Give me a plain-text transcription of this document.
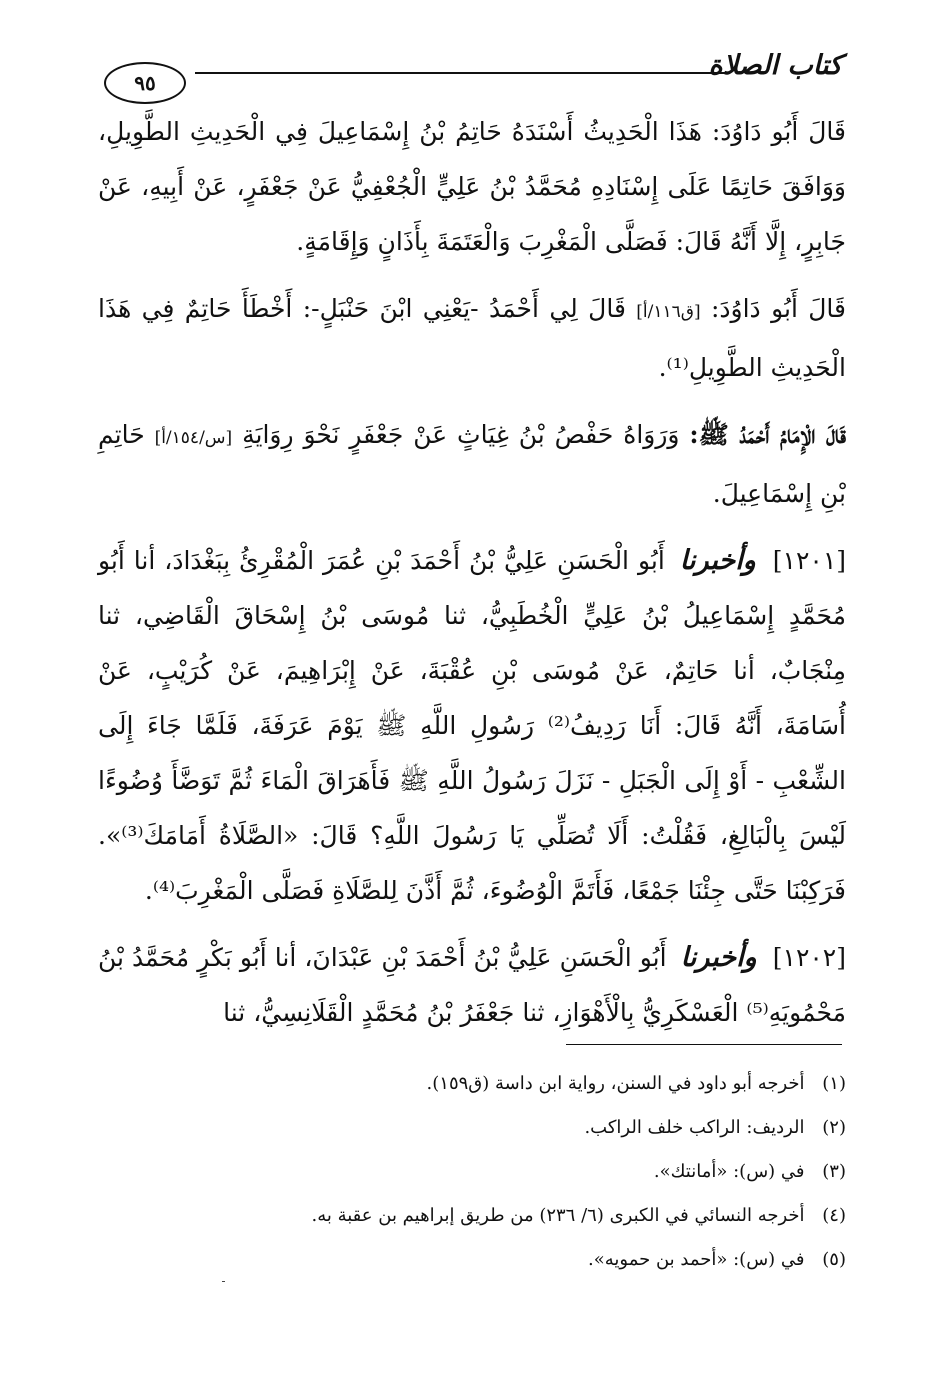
٩٥
كتاب الصلاة

قَالَ أَبُو دَاوُدَ: هَذَا الْحَدِيثُ أَسْنَدَهُ حَاتِمُ بْنُ إِسْمَاعِيلَ فِي الْحَدِيثِ الطَّوِيلِ، وَوَافَقَ حَاتِمًا عَلَى إِسْنَادِهِ مُحَمَّدُ بْنُ عَلِيٍّ الْجُعْفِيُّ عَنْ جَعْفَرٍ، عَنْ أَبِيهِ، عَنْ جَابِرٍ، إِلَّا أَنَّهُ قَالَ: فَصَلَّى الْمَغْرِبَ وَالْعَتَمَةَ بِأَذَانٍ وَإِقَامَةٍ.

قَالَ أَبُو دَاوُدَ: [ق١١٦/أ] قَالَ لِي أَحْمَدُ -يَعْنِي ابْنَ حَنْبَلٍ-: أَخْطَأَ حَاتِمٌ فِي هَذَا الْحَدِيثِ الطَّوِيلِ⁽¹⁾.

قَالَ الْإِمَامُ أَحْمَدُ ﷺ: وَرَوَاهُ حَفْصُ بْنُ غِيَاثٍ عَنْ جَعْفَرٍ نَحْوَ رِوَايَةِ [س/١٥٤/أ] حَاتِمِ بْنِ إِسْمَاعِيلَ.

[١٢٠١] وأخبرنا أَبُو الْحَسَنِ عَلِيُّ بْنُ أَحْمَدَ بْنِ عُمَرَ الْمُقْرِئُ بِبَغْدَادَ، أنا أَبُو مُحَمَّدٍ إِسْمَاعِيلُ بْنُ عَلِيٍّ الْخُطَبِيُّ، ثنا مُوسَى بْنُ إِسْحَاقَ الْقَاضِي، ثنا مِنْجَابٌ، أنا حَاتِمٌ، عَنْ مُوسَى بْنِ عُقْبَةَ، عَنْ إِبْرَاهِيمَ، عَنْ كُرَيْبٍ، عَنْ أُسَامَةَ، أَنَّهُ قَالَ: أَنَا رَدِيفُ⁽²⁾ رَسُولِ اللَّهِ ﷺ يَوْمَ عَرَفَةَ، فَلَمَّا جَاءَ إِلَى الشِّعْبِ - أَوْ إِلَى الْجَبَلِ - نَزَلَ رَسُولُ اللَّهِ ﷺ فَأَهَرَاقَ الْمَاءَ ثُمَّ تَوَضَّأَ وُضُوءًا لَيْسَ بِالْبَالِغِ، فَقُلْتُ: أَلَا تُصَلِّي يَا رَسُولَ اللَّهِ؟ قَالَ: «الصَّلَاةُ أَمَامَكَ⁽³⁾». فَرَكِبْنَا حَتَّى جِئْنَا جَمْعًا، فَأَتَمَّ الْوُضُوءَ، ثُمَّ أَذَّنَ لِلصَّلَاةِ فَصَلَّى الْمَغْرِبَ⁽⁴⁾.

[١٢٠٢] وأخبرنا أَبُو الْحَسَنِ عَلِيُّ بْنُ أَحْمَدَ بْنِ عَبْدَانَ، أنا أَبُو بَكْرٍ مُحَمَّدُ بْنُ مَحْمُويَهِ⁽⁵⁾ الْعَسْكَرِيُّ بِالْأَهْوَازِ، ثنا جَعْفَرُ بْنُ مُحَمَّدٍ الْقَلَانِسِيُّ، ثنا

(١) أخرجه أبو داود في السنن، رواية ابن داسة (ق١٥٩).
(٢) الرديف: الراكب خلف الراكب.
(٣) في (س): «أمانتك».
(٤) أخرجه النسائي في الكبرى (٦/ ٢٣٦) من طريق إبراهيم بن عقبة به.
(٥) في (س): «أحمد بن حمويه».
